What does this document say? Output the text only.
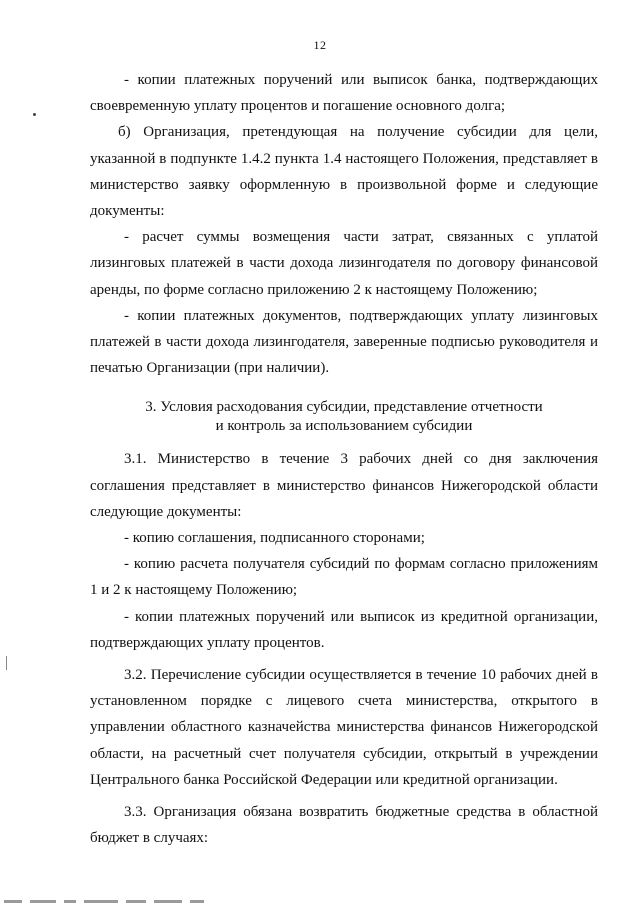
12

- копии платежных поручений или выписок банка, подтверждающих своевременную уплату процентов и погашение основного долга;

б) Организация, претендующая на получение субсидии для цели, указанной в подпункте 1.4.2 пункта 1.4 настоящего Положения, представляет в министерство заявку оформленную в произвольной форме и следующие документы:

- расчет суммы возмещения части затрат, связанных с уплатой лизинговых платежей в части дохода лизингодателя по договору финансовой аренды, по форме согласно приложению 2 к настоящему Положению;

- копии платежных документов, подтверждающих уплату лизинговых платежей в части дохода лизингодателя, заверенные подписью руководителя и печатью Организации (при наличии).

3. Условия расходования субсидии, представление отчетности
и контроль за использованием субсидии

3.1. Министерство в течение 3 рабочих дней со дня заключения соглашения представляет в министерство финансов Нижегородской области следующие документы:

- копию соглашения, подписанного сторонами;

- копию расчета получателя субсидий по формам согласно приложениям 1 и 2 к настоящему Положению;

- копии платежных поручений или выписок из кредитной организации, подтверждающих уплату процентов.

3.2. Перечисление субсидии осуществляется в течение 10 рабочих дней в установленном порядке с лицевого счета министерства, открытого в управлении областного казначейства министерства финансов Нижегородской области, на расчетный счет получателя субсидии, открытый в учреждении Центрального банка Российской Федерации или кредитной организации.

3.3. Организация обязана возвратить бюджетные средства в областной бюджет в случаях:
